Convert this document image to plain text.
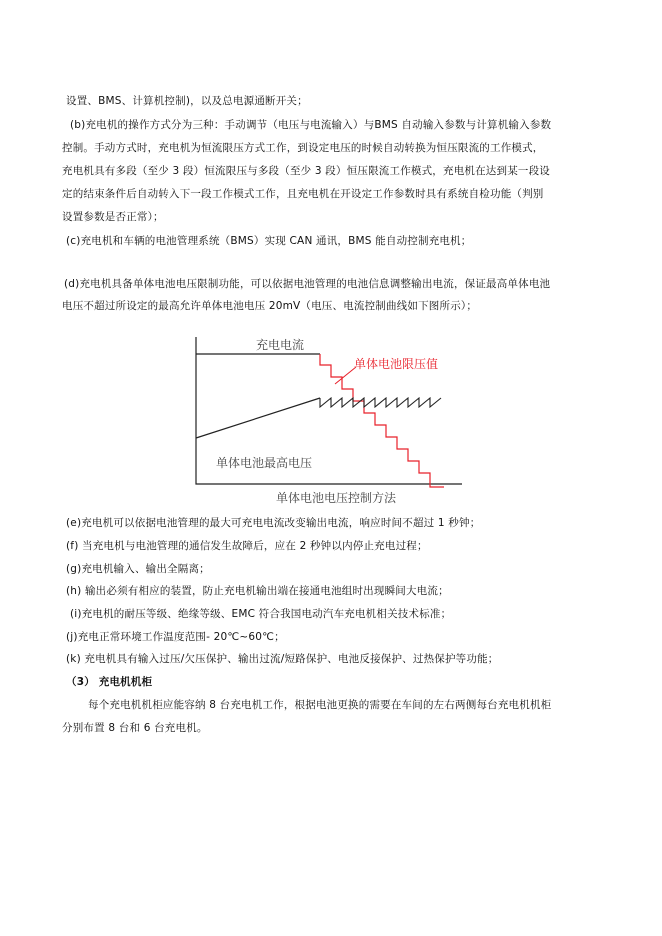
设置、BMS、计算机控制)，以及总电源通断开关；
(b)充电机的操作方式分为三种：手动调节（电压与电流输入）与BMS 自动输入参数与计算机输入参数
控制。手动方式时，充电机为恒流限压方式工作，到设定电压的时候自动转换为恒压限流的工作模式，
充电机具有多段（至少 3 段）恒流限压与多段（至少 3 段）恒压限流工作模式，充电机在达到某一段设
定的结束条件后自动转入下一段工作模式工作，且充电机在开设定工作参数时具有系统自检功能（判别
设置参数是否正常）；
(c)充电机和车辆的电池管理系统（BMS）实现 CAN 通讯，BMS 能自动控制充电机；
(d)充电机具备单体电池电压限制功能，可以依据电池管理的电池信息调整输出电流，保证最高单体电池
电压不超过所设定的最高允许单体电池电压 20mV（电压、电流控制曲线如下图所示）；
充电电流
单体电池限压值
单体电池最高电压
单体电池电压控制方法
(e)充电机可以依据电池管理的最大可充电电流改变输出电流，响应时间不超过 1 秒钟；
(f) 当充电机与电池管理的通信发生故障后，应在 2 秒钟以内停止充电过程；
(g)充电机输入、输出全隔离；
(h) 输出必须有相应的装置，防止充电机输出端在接通电池组时出现瞬间大电流；
(i)充电机的耐压等级、绝缘等级、EMC 符合我国电动汽车充电机相关技术标准；
(j)充电正常环境工作温度范围- 20℃~60℃；
(k) 充电机具有输入过压/欠压保护、输出过流/短路保护、电池反接保护、过热保护等功能；
（3） 充电机机柜
每个充电机机柜应能容纳 8 台充电机工作，根据电池更换的需要在车间的左右两侧每台充电机机柜
分别布置 8 台和 6 台充电机。
